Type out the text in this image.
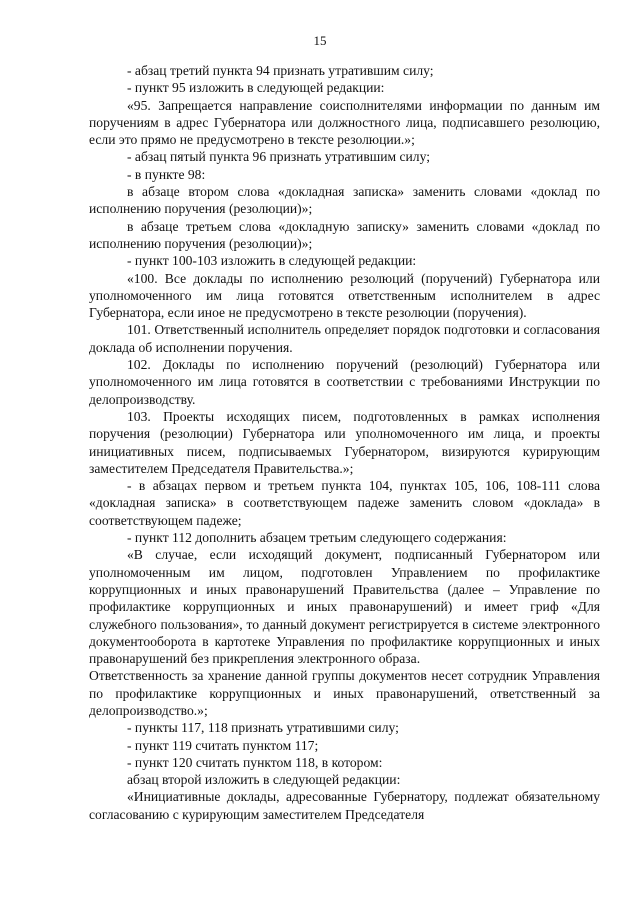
15

- абзац третий пункта 94 признать утратившим силу;

- пункт 95 изложить в следующей редакции:

«95. Запрещается направление соисполнителями информации по данным им поручениям в адрес Губернатора или должностного лица, подписавшего резолюцию, если это прямо не предусмотрено в тексте резолюции.»;

- абзац пятый пункта 96 признать утратившим силу;

- в пункте 98:

в абзаце втором слова «докладная записка» заменить словами «доклад по исполнению поручения (резолюции)»;

в абзаце третьем слова «докладную записку» заменить словами «доклад по исполнению поручения (резолюции)»;

- пункт 100-103 изложить в следующей редакции:

«100. Все доклады по исполнению резолюций (поручений) Губернатора или уполномоченного им лица готовятся ответственным исполнителем в адрес Губернатора, если иное не предусмотрено в тексте резолюции (поручения).

101. Ответственный исполнитель определяет порядок подготовки и согласования доклада об исполнении поручения.

102. Доклады по исполнению поручений (резолюций) Губернатора или уполномоченного им лица готовятся в соответствии с требованиями Инструкции по делопроизводству.

103. Проекты исходящих писем, подготовленных в рамках исполнения поручения (резолюции) Губернатора или уполномоченного им лица, и проекты инициативных писем, подписываемых Губернатором, визируются курирующим заместителем Председателя Правительства.»;

- в абзацах первом и третьем пункта 104, пунктах 105, 106, 108-111 слова «докладная записка» в соответствующем падеже заменить словом «доклада» в соответствующем падеже;

- пункт 112 дополнить абзацем третьим следующего содержания:

«В случае, если исходящий документ, подписанный Губернатором или уполномоченным им лицом, подготовлен Управлением по профилактике коррупционных и иных правонарушений Правительства (далее – Управление по профилактике коррупционных и иных правонарушений) и имеет гриф «Для служебного пользования», то данный документ регистрируется в системе электронного документооборота в картотеке Управления по профилактике коррупционных и иных правонарушений без прикрепления электронного образа.

Ответственность за хранение данной группы документов несет сотрудник Управления по профилактике коррупционных и иных правонарушений, ответственный за делопроизводство.»;

- пункты 117, 118 признать утратившими силу;

- пункт 119 считать пунктом 117;

- пункт 120 считать пунктом 118, в котором:

абзац второй изложить в следующей редакции:

«Инициативные доклады, адресованные Губернатору, подлежат обязательному согласованию с курирующим заместителем Председателя
